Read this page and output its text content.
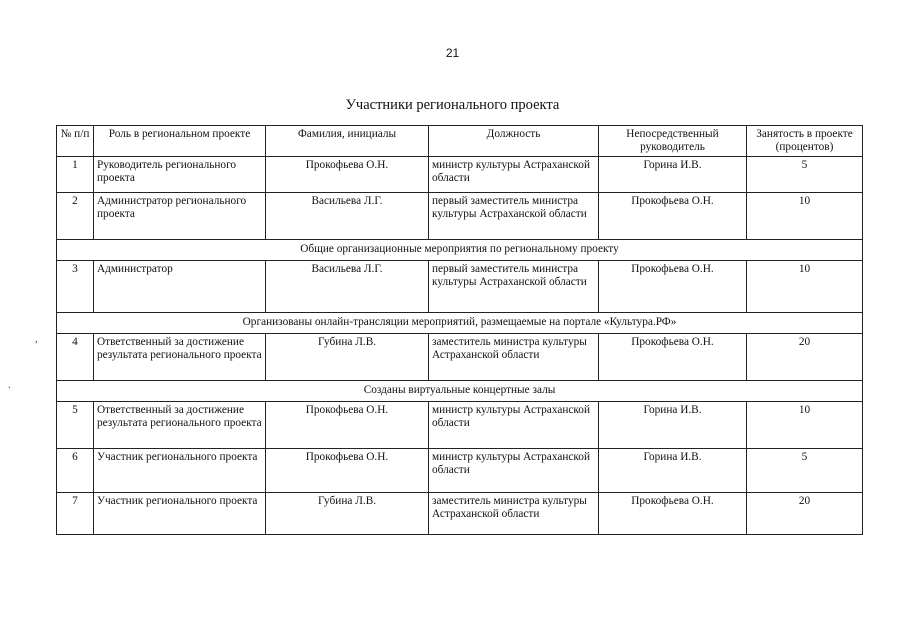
21
Участники регионального проекта
,
.
№ п/п	Роль в региональном проекте	Фамилия, инициалы	Должность	Непосредственный руководитель	Занятость в проекте (процентов)
1	Руководитель регионального проекта	Прокофьева О.Н.	министр культуры Астраханской области	Горина И.В.	5
2	Администратор регионального проекта	Васильева Л.Г.	первый заместитель министра культуры Астраханской области	Прокофьева О.Н.	10
Общие организационные мероприятия по региональному проекту					
3	Администратор	Васильева Л.Г.	первый заместитель министра культуры Астраханской области	Прокофьева О.Н.	10
Организованы онлайн-трансляции мероприятий, размещаемые на портале «Культура.РФ»					
4	Ответственный за достижение результата регионального проекта	Губина Л.В.	заместитель министра культуры Астраханской области	Прокофьева О.Н.	20
Созданы виртуальные концертные залы					
5	Ответственный за достижение результата регионального проекта	Прокофьева О.Н.	министр культуры Астраханской области	Горина И.В.	10
6	Участник регионального проекта	Прокофьева О.Н.	министр культуры Астраханской области	Горина И.В.	5
7	Участник регионального проекта	Губина Л.В.	заместитель министра культуры Астраханской области	Прокофьева О.Н.	20
